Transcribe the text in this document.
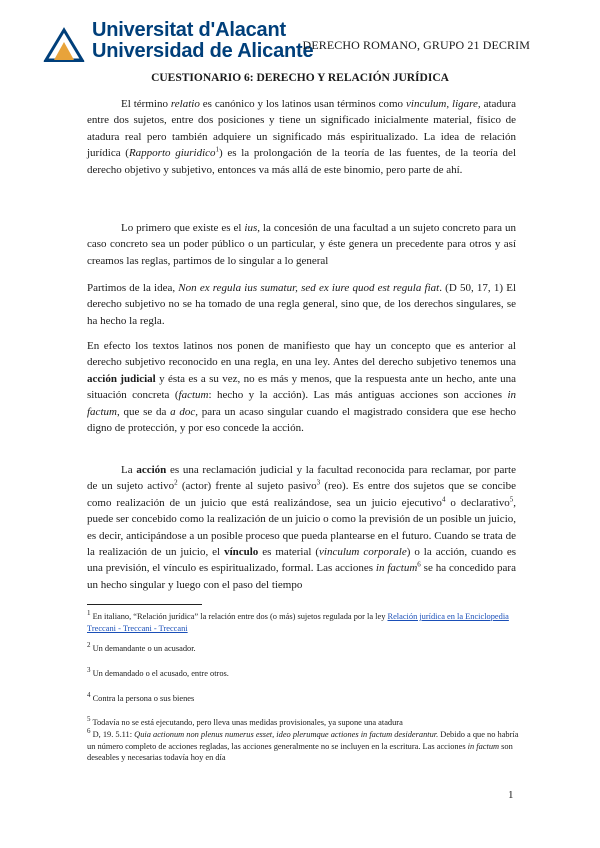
Universitat d'Alacant
Universidad de Alicante
DERECHO ROMANO, GRUPO 21 DECRIM
CUESTIONARIO 6: DERECHO Y RELACIÓN JURÍDICA

El término relatio es canónico y los latinos usan términos como vinculum, ligare, atadura entre dos sujetos, entre dos posiciones y tiene un significado inicialmente material, físico de atadura real pero también adquiere un significado más espiritualizado. La idea de relación jurídica (Rapporto giuridico$^1$) es la prolongación de la teoría de las fuentes, de la teoría del derecho objetivo y subjetivo, entonces va más allá de este binomio, pero parte de ahí.

Lo primero que existe es el ius, la concesión de una facultad a un sujeto concreto para un caso concreto sea un poder público o un particular, y éste genera un precedente para otros y así creamos las reglas, partimos de lo singular a lo general

Partimos de la idea, Non ex regula ius sumatur, sed ex iure quod est regula fiat. (D 50, 17, 1) El derecho subjetivo no se ha tomado de una regla general, sino que, de los derechos singulares, se ha hecho la regla.

En efecto los textos latinos nos ponen de manifiesto que hay un concepto que es anterior al derecho subjetivo reconocido en una regla, en una ley. Antes del derecho subjetivo tenemos una acción judicial y ésta es a su vez, no es más y menos, que la respuesta ante un hecho, ante una situación concreta (factum: hecho y la acción). Las más antiguas acciones son acciones in factum, que se da a doc, para un acaso singular cuando el magistrado considera que ese hecho digno de protección, y por eso concede la acción.

La acción es una reclamación judicial y la facultad reconocida para reclamar, por parte de un sujeto activo$^2$ (actor) frente al sujeto pasivo$^3$ (reo). Es entre dos sujetos que se concibe como realización de un juicio que está realizándose, sea un juicio ejecutivo$^4$ o declarativo$^5$, puede ser concebido como la realización de un juicio o como la previsión de un posible un juicio, es decir, anticipándose a un posible proceso que pueda plantearse en el futuro. Cuando se trata de la realización de un juicio, el vínculo es material (vinculum corporale) o la acción, cuando es una previsión, el vínculo es espiritualizado, formal. Las acciones in factum$^6$ se ha concedido para un hecho singular y luego con el paso del tiempo

$^1$ En italiano, “Relación jurídica” la relación entre dos (o más) sujetos regulada por la ley Relación jurídica en la Enciclopedia Treccani - Treccani - Treccani

$^2$ Un demandante o un acusador.

$^3$ Un demandado o el acusado, entre otros.

$^4$ Contra la persona o sus bienes

$^5$ Todavía no se está ejecutando, pero lleva unas medidas provisionales, ya supone una atadura

$^6$ D, 19. 5.11: Quia actionum non plenus numerus esset, ideo plerumque actiones in factum desiderantur. Debido a que no habría un número completo de acciones regladas, las acciones generalmente no se incluyen en la escritura. Las acciones in factum son deseables y necesarias todavía hoy en día

1
